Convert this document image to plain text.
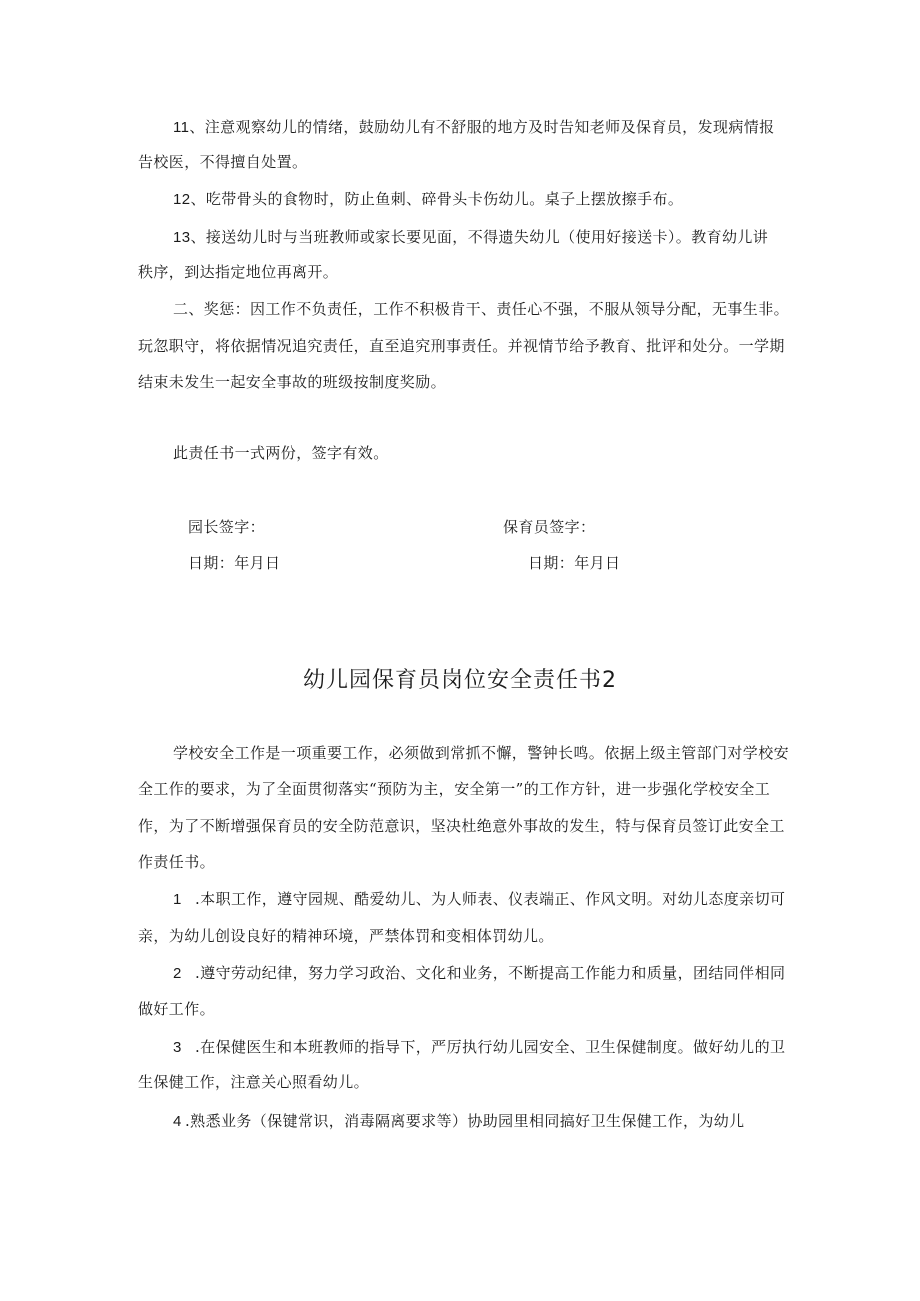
11、注意观察幼儿的情绪，鼓励幼儿有不舒服的地方及时告知老师及保育员，发现病情报
告校医，不得擅自处置。
12、吃带骨头的食物时，防止鱼刺、碎骨头卡伤幼儿。桌子上摆放擦手布。
13、接送幼儿时与当班教师或家长要见面，不得遗失幼儿（使用好接送卡）。教育幼儿讲
秩序，到达指定地位再离开。
二、奖惩：因工作不负责任，工作不积极肯干、责任心不强，不服从领导分配，无事生非。
玩忽职守，将依据情况追究责任，直至追究刑事责任。并视情节给予教育、批评和处分。一学期
结束未发生一起安全事故的班级按制度奖励。
此责任书一式两份，签字有效。
园长签字：	保育员签字：
日期：年月日	日期：年月日
幼儿园保育员岗位安全责任书2
学校安全工作是一项重要工作，必须做到常抓不懈，警钟长鸣。依据上级主管部门对学校安
全工作的要求，为了全面贯彻落实“预防为主，安全第一”的工作方针，进一步强化学校安全工
作，为了不断增强保育员的安全防范意识，坚决杜绝意外事故的发生，特与保育员签订此安全工
作责任书。
1 .本职工作，遵守园规、酷爱幼儿、为人师表、仪表端正、作风文明。对幼儿态度亲切可
亲，为幼儿创设良好的精神环境，严禁体罚和变相体罚幼儿。
2 .遵守劳动纪律，努力学习政治、文化和业务，不断提高工作能力和质量，团结同伴相同
做好工作。
3 .在保健医生和本班教师的指导下，严厉执行幼儿园安全、卫生保健制度。做好幼儿的卫
生保健工作，注意关心照看幼儿。
4 .熟悉业务（保键常识，消毒隔离要求等）协助园里相同搞好卫生保健工作，为幼儿
